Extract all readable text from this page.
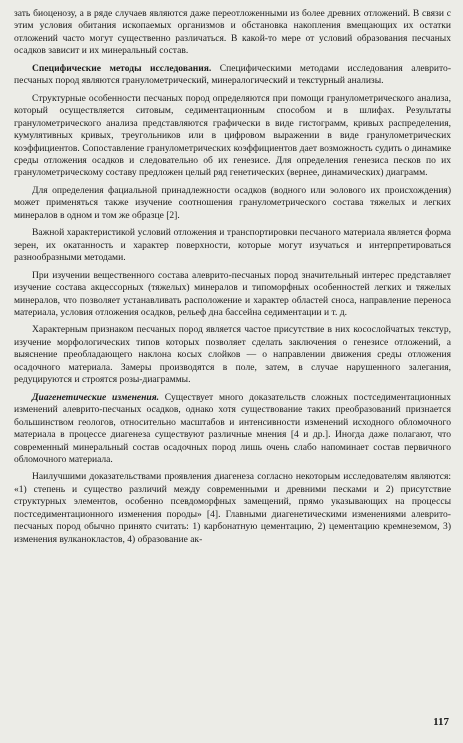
зать биоценозу, а в ряде случаев являются даже переотложенными из более древних отложений. В связи с этим условия обитания ископаемых организмов и обстановка накопления вмещающих их остатки отложений часто могут существенно различаться. В какой-то мере от условий образования песчаных осадков зависит и их минеральный состав.

Специфические методы исследования. Специфическими методами исследования алеврито-песчаных пород являются гранулометрический, минералогический и текстурный анализы.

Структурные особенности песчаных пород определяются при помощи гранулометрического анализа, который осуществляется ситовым, седиментационным способом и в шлифах. Результаты гранулометрического анализа представляются графически в виде гистограмм, кривых распределения, кумулятивных кривых, треугольников или в цифровом выражении в виде гранулометрических коэффициентов. Сопоставление гранулометрических коэффициентов дает возможность судить о динамике среды отложения осадков и следовательно об их генезисе. Для определения генезиса песков по их гранулометрическому составу предложен целый ряд генетических (вернее, динамических) диаграмм.

Для определения фациальной принадлежности осадков (водного или эолового их происхождения) может применяться также изучение соотношения гранулометрического состава тяжелых и легких минералов в одном и том же образце [2].

Важной характеристикой условий отложения и транспортировки песчаного материала является форма зерен, их окатанность и характер поверхности, которые могут изучаться и интерпретироваться разнообразными методами.

При изучении вещественного состава алеврито-песчаных пород значительный интерес представляет изучение состава акцессорных (тяжелых) минералов и типоморфных особенностей легких и тяжелых минералов, что позволяет устанавливать расположение и характер областей сноса, направление переноса материала, условия отложения осадков, рельеф дна бассейна седиментации и т. д.

Характерным признаком песчаных пород является частое присутствие в них косослойчатых текстур, изучение морфологических типов которых позволяет сделать заключения о генезисе отложений, а выяснение преобладающего наклона косых слойков — о направлении движения среды отложения осадочного материала. Замеры производятся в поле, затем, в случае нарушенного залегания, редуцируются и строятся розы-диаграммы.

Диагенетические изменения. Существует много доказательств сложных постседиментационных изменений алеврито-песчаных осадков, однако хотя существование таких преобразований признается большинством геологов, относительно масштабов и интенсивности изменений исходного обломочного материала в процессе диагенеза существуют различные мнения [4 и др.]. Иногда даже полагают, что современный минеральный состав осадочных пород лишь очень слабо напоминает состав первичного обломочного материала.

Наилучшими доказательствами проявления диагенеза согласно некоторым исследователям являются: «1) степень и существо различий между современными и древними песками и 2) присутствие структурных элементов, особенно псевдоморфных замещений, прямо указывающих на процессы постседиментационного изменения породы» [4]. Главными диагенетическими изменениями алеврито-песчаных пород обычно принято считать: 1) карбонатную цементацию, 2) цементацию кремнеземом, 3) изменения вулканокластов, 4) образование ак-

117
